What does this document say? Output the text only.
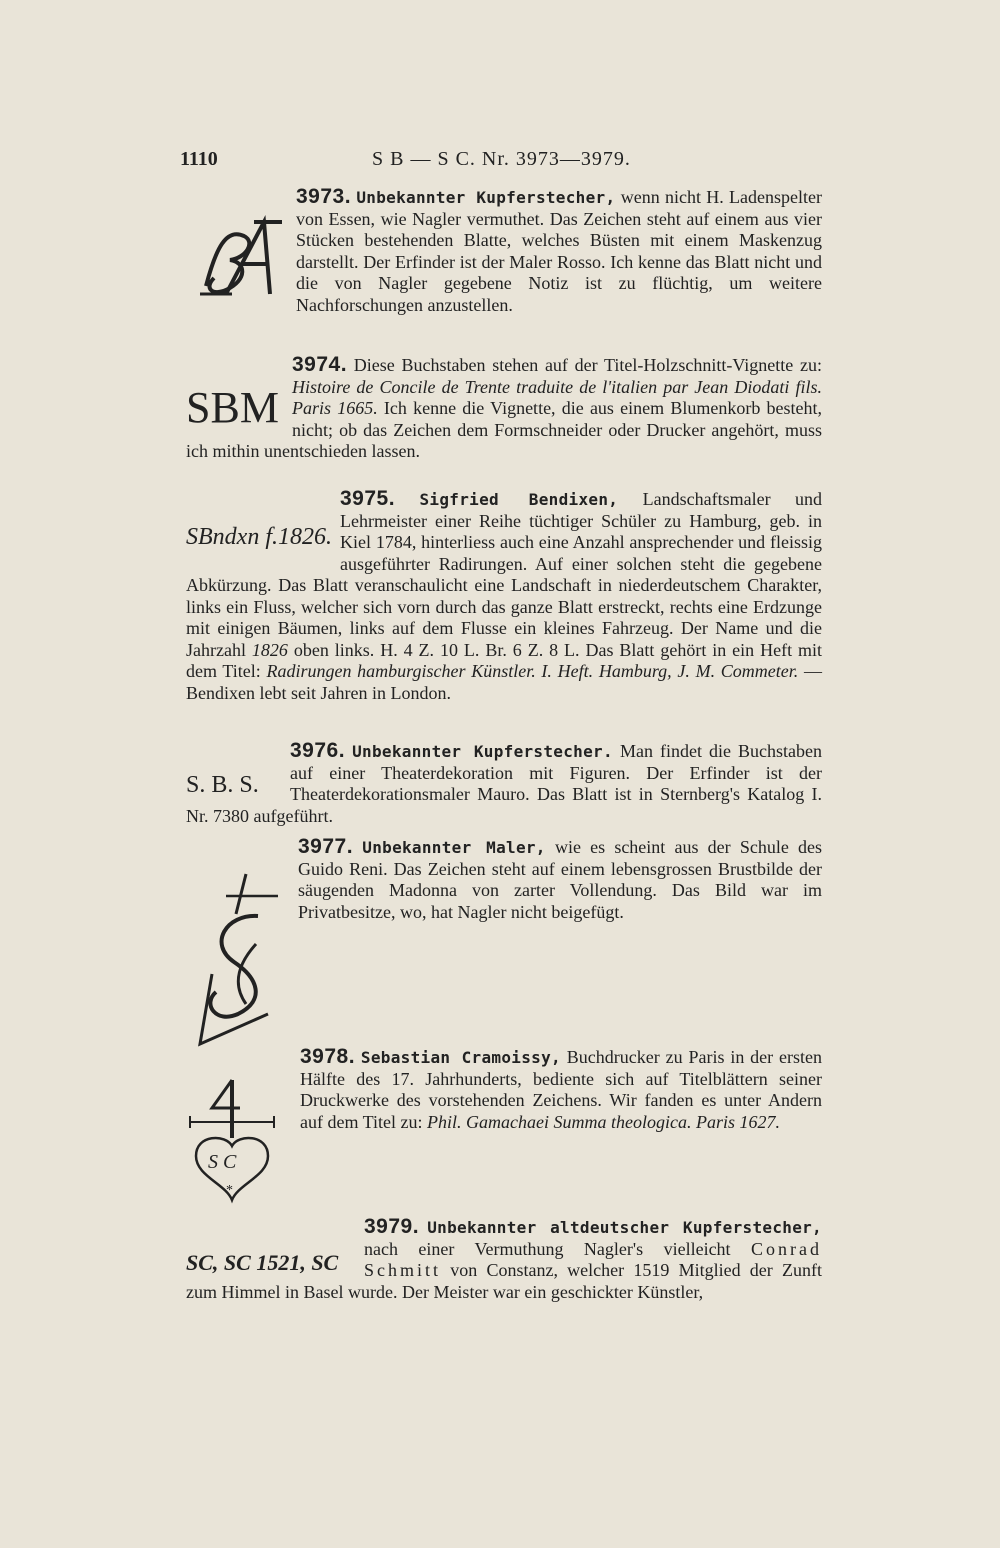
1110	S B — S C. Nr. 3973—3979.

3973. Unbekannter Kupferstecher, wenn nicht H. Ladenspelter von Essen, wie Nagler vermuthet. Das Zeichen steht auf einem aus vier Stücken bestehenden Blatte, welches Büsten mit einem Maskenzug darstellt. Der Erfinder ist der Maler Rosso. Ich kenne das Blatt nicht und die von Nagler gegebene Notiz ist zu flüchtig, um weitere Nachforschungen anzustellen.

SBM
3974. Diese Buchstaben stehen auf der Titel-Holzschnitt-Vignette zu: Histoire de Concile de Trente traduite de l'italien par Jean Diodati fils. Paris 1665. Ich kenne die Vignette, die aus einem Blumenkorb besteht, nicht; ob das Zeichen dem Formschneider oder Drucker angehört, muss ich mithin unentschieden lassen.

SBndxn f.1826.
3975. Sigfried Bendixen, Landschaftsmaler und Lehrmeister einer Reihe tüchtiger Schüler zu Hamburg, geb. in Kiel 1784, hinterliess auch eine Anzahl ansprechender und fleissig ausgeführter Radirungen. Auf einer solchen steht die gegebene Abkürzung. Das Blatt veranschaulicht eine Landschaft in niederdeutschem Charakter, links ein Fluss, welcher sich vorn durch das ganze Blatt erstreckt, rechts eine Erdzunge mit einigen Bäumen, links auf dem Flusse ein kleines Fahrzeug. Der Name und die Jahrzahl 1826 oben links. H. 4 Z. 10 L. Br. 6 Z. 8 L. Das Blatt gehört in ein Heft mit dem Titel: Radirungen hamburgischer Künstler. I. Heft. Hamburg, J. M. Commeter. — Bendixen lebt seit Jahren in London.

S. B. S.
3976. Unbekannter Kupferstecher. Man findet die Buchstaben auf einer Theaterdekoration mit Figuren. Der Erfinder ist der Theaterdekorationsmaler Mauro. Das Blatt ist in Sternberg's Katalog I. Nr. 7380 aufgeführt.

3977. Unbekannter Maler, wie es scheint aus der Schule des Guido Reni. Das Zeichen steht auf einem lebensgrossen Brustbilde der säugenden Madonna von zarter Vollendung. Das Bild war im Privatbesitze, wo, hat Nagler nicht beigefügt.

S C
*

3978. Sebastian Cramoissy, Buchdrucker zu Paris in der ersten Hälfte des 17. Jahrhunderts, bediente sich auf Titelblättern seiner Druckwerke des vorstehenden Zeichens. Wir fanden es unter Andern auf dem Titel zu: Phil. Gamachaei Summa theologica. Paris 1627.

SC, SC 1521, SC
3979. Unbekannter altdeutscher Kupferstecher, nach einer Vermuthung Nagler's vielleicht Conrad Schmitt von Constanz, welcher 1519 Mitglied der Zunft zum Himmel in Basel wurde. Der Meister war ein geschickter Künstler,
